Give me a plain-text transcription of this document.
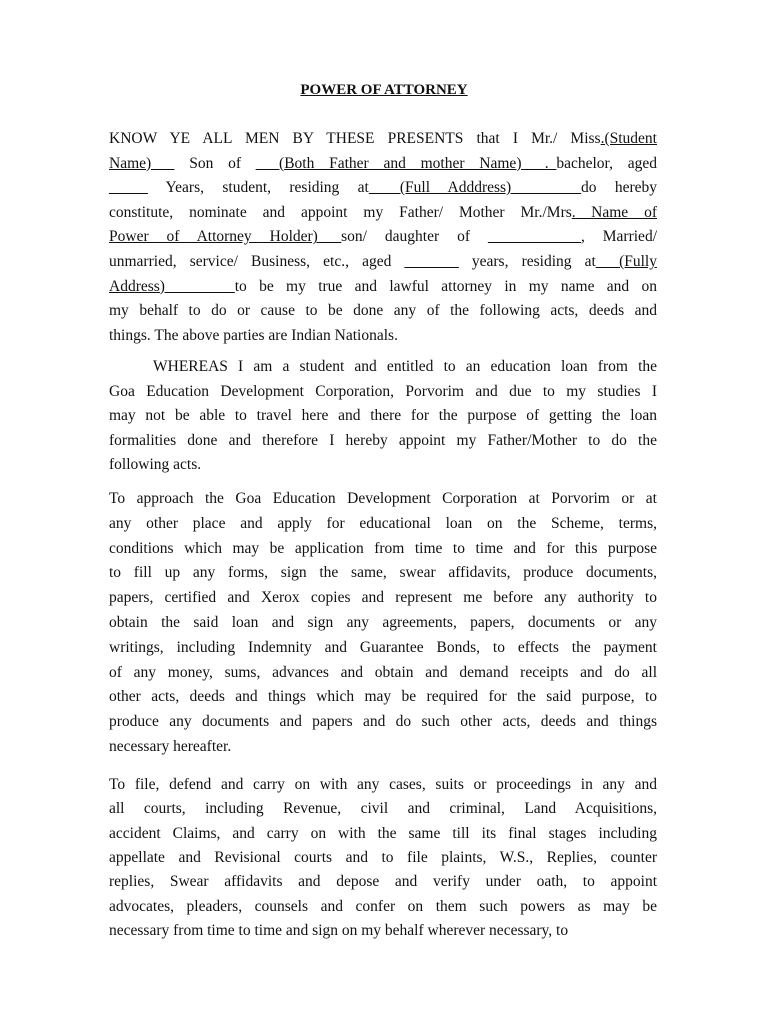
POWER OF ATTORNEY
KNOW YE ALL MEN BY THESE PRESENTS that I Mr./ Miss.(Student
Name)___ Son of ___(Both Father and mother Name)___._bachelor, aged
_____ Years, student, residing at____(Full Adddress)_________do hereby
constitute, nominate and appoint my Father/ Mother Mr./Mrs.__Name of
Power of Attorney Holder)___son/ daughter of ____________, Married/
unmarried, service/ Business, etc., aged _______ years, residing at___(Fully
Address)_________to be my true and lawful attorney in my name and on
my behalf to do or cause to be done any of the following acts, deeds and
things. The above parties are Indian Nationals.
WHEREAS I am a student and entitled to an education loan from the
Goa Education Development Corporation, Porvorim and due to my studies I
may not be able to travel here and there for the purpose of getting the loan
formalities done and therefore I hereby appoint my Father/Mother to do the
following acts.
To approach the Goa Education Development Corporation at Porvorim or at
any other place and apply for educational loan on the Scheme, terms,
conditions which may be application from time to time and for this purpose
to fill up any forms, sign the same, swear affidavits, produce documents,
papers, certified and Xerox copies and represent me before any authority to
obtain the said loan and sign any agreements, papers, documents or any
writings, including Indemnity and Guarantee Bonds, to effects the payment
of any money, sums, advances and obtain and demand receipts and do all
other acts, deeds and things which may be required for the said purpose, to
produce any documents and papers and do such other acts, deeds and things
necessary hereafter.
To file, defend and carry on with any cases, suits or proceedings in any and
all courts, including Revenue, civil and criminal, Land Acquisitions,
accident Claims, and carry on with the same till its final stages including
appellate and Revisional courts and to file plaints, W.S., Replies, counter
replies, Swear affidavits and depose and verify under oath, to appoint
advocates, pleaders, counsels and confer on them such powers as may be
necessary from time to time and sign on my behalf wherever necessary, to
